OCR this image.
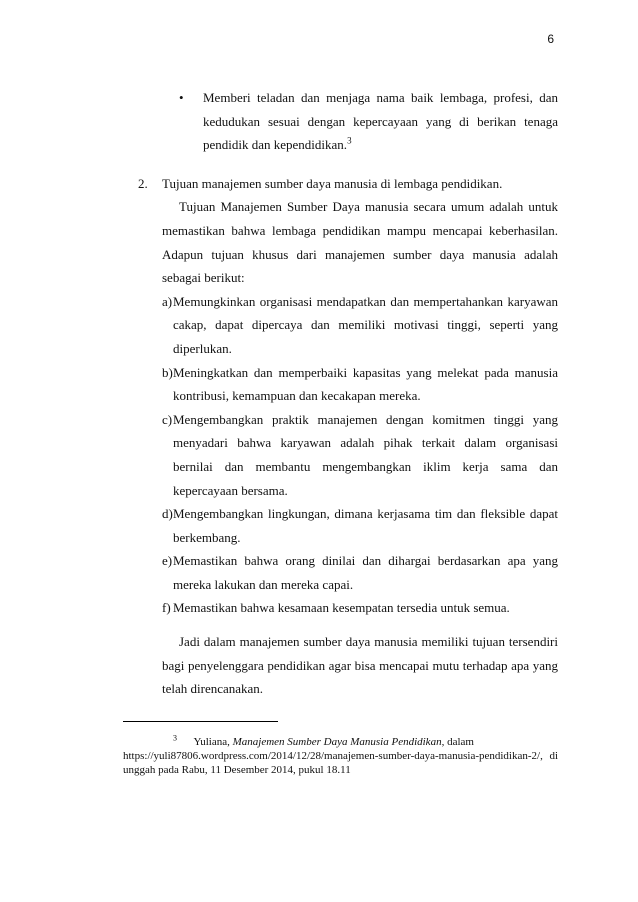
6

• Memberi teladan dan menjaga nama baik lembaga, profesi, dan kedudukan sesuai dengan kepercayaan yang di berikan tenaga pendidik dan kependidikan.$^3$

2. Tujuan manajemen sumber daya manusia di lembaga pendidikan.

Tujuan Manajemen Sumber Daya manusia secara umum adalah untuk memastikan bahwa lembaga pendidikan mampu mencapai keberhasilan. Adapun tujuan khusus dari manajemen sumber daya manusia adalah sebagai berikut:

a) Memungkinkan organisasi mendapatkan dan mempertahankan karyawan cakap, dapat dipercaya dan memiliki motivasi tinggi, seperti yang diperlukan.

b) Meningkatkan dan memperbaiki kapasitas yang melekat pada manusia kontribusi, kemampuan dan kecakapan mereka.

c) Mengembangkan praktik manajemen dengan komitmen tinggi yang menyadari bahwa karyawan adalah pihak terkait dalam organisasi bernilai dan membantu mengembangkan iklim kerja sama dan kepercayaan bersama.

d) Mengembangkan lingkungan, dimana kerjasama tim dan fleksible dapat berkembang.

e) Memastikan bahwa orang dinilai dan dihargai berdasarkan apa yang mereka lakukan dan mereka capai.

f) Memastikan bahwa kesamaan kesempatan tersedia untuk semua.

Jadi dalam manajemen sumber daya manusia memiliki tujuan tersendiri bagi penyelenggara pendidikan agar bisa mencapai mutu terhadap apa yang telah direncanakan.

$^3$ Yuliana, Manajemen Sumber Daya Manusia Pendidikan, dalam

https://yuli87806.wordpress.com/2014/12/28/manajemen-sumber-daya-manusia-pendidikan-2/, di
unggah pada Rabu, 11 Desember 2014, pukul 18.11
